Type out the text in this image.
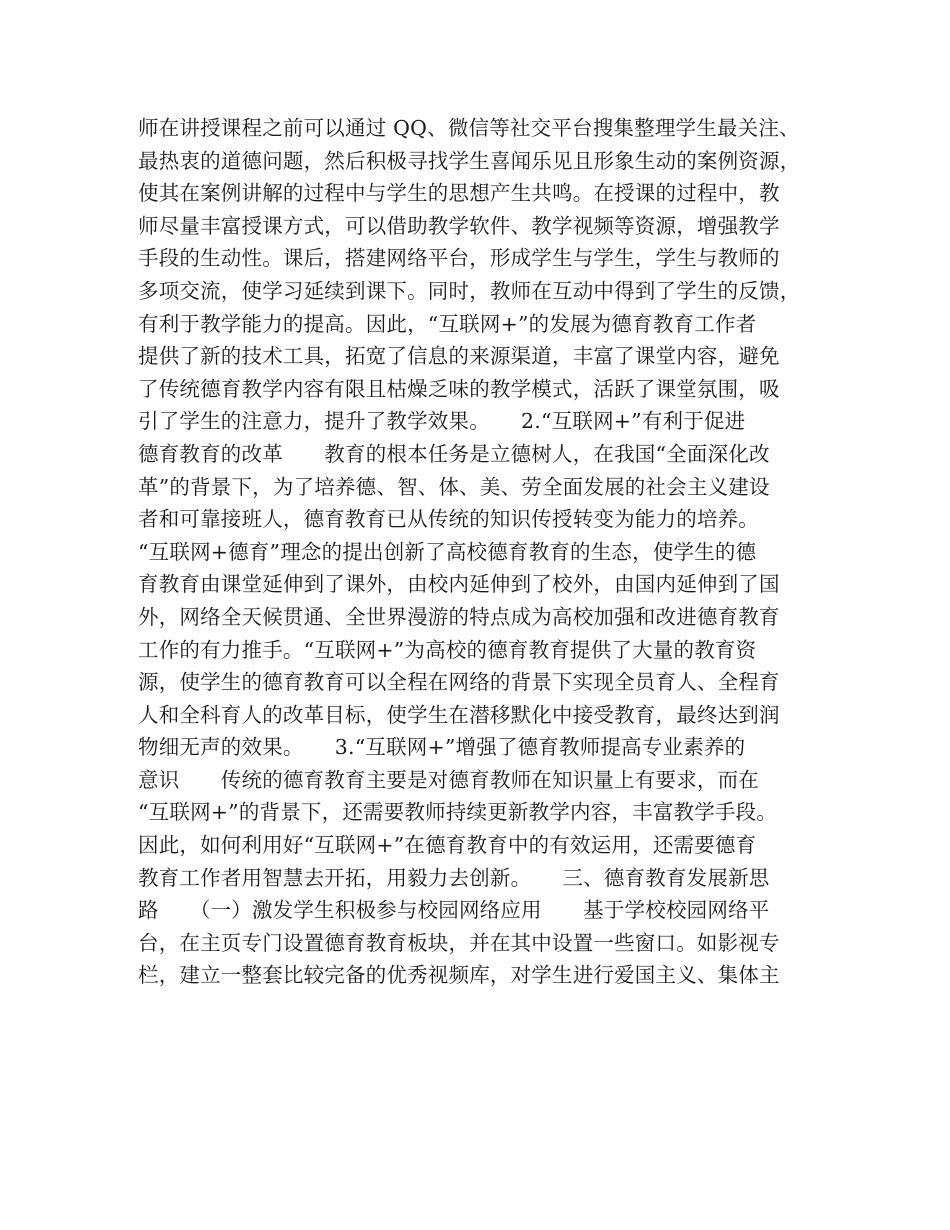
师在讲授课程之前可以通过 QQ、微信等社交平台搜集整理学生最关注、
最热衷的道德问题，然后积极寻找学生喜闻乐见且形象生动的案例资源，
使其在案例讲解的过程中与学生的思想产生共鸣。在授课的过程中，教
师尽量丰富授课方式，可以借助教学软件、教学视频等资源，增强教学
手段的生动性。课后，搭建网络平台，形成学生与学生，学生与教师的
多项交流，使学习延续到课下。同时，教师在互动中得到了学生的反馈，
有利于教学能力的提高。因此，“互联网+”的发展为德育教育工作者
提供了新的技术工具，拓宽了信息的来源渠道，丰富了课堂内容，避免
了传统德育教学内容有限且枯燥乏味的教学模式，活跃了课堂氛围，吸
引了学生的注意力，提升了教学效果。　　2.“互联网+”有利于促进
德育教育的改革　　教育的根本任务是立德树人，在我国“全面深化改
革”的背景下，为了培养德、智、体、美、劳全面发展的社会主义建设
者和可靠接班人，德育教育已从传统的知识传授转变为能力的培养。
“互联网+德育”理念的提出创新了高校德育教育的生态，使学生的德
育教育由课堂延伸到了课外，由校内延伸到了校外，由国内延伸到了国
外，网络全天候贯通、全世界漫游的特点成为高校加强和改进德育教育
工作的有力推手。“互联网+”为高校的德育教育提供了大量的教育资
源，使学生的德育教育可以全程在网络的背景下实现全员育人、全程育
人和全科育人的改革目标，使学生在潜移默化中接受教育，最终达到润
物细无声的效果。　　3.“互联网+”增强了德育教师提高专业素养的
意识　　传统的德育教育主要是对德育教师在知识量上有要求，而在
“互联网+”的背景下，还需要教师持续更新教学内容，丰富教学手段。
因此，如何利用好“互联网+”在德育教育中的有效运用，还需要德育
教育工作者用智慧去开拓，用毅力去创新。　　三、德育教育发展新思
路　　（一）激发学生积极参与校园网络应用　　基于学校校园网络平
台，在主页专门设置德育教育板块，并在其中设置一些窗口。如影视专
栏，建立一整套比较完备的优秀视频库，对学生进行爱国主义、集体主
